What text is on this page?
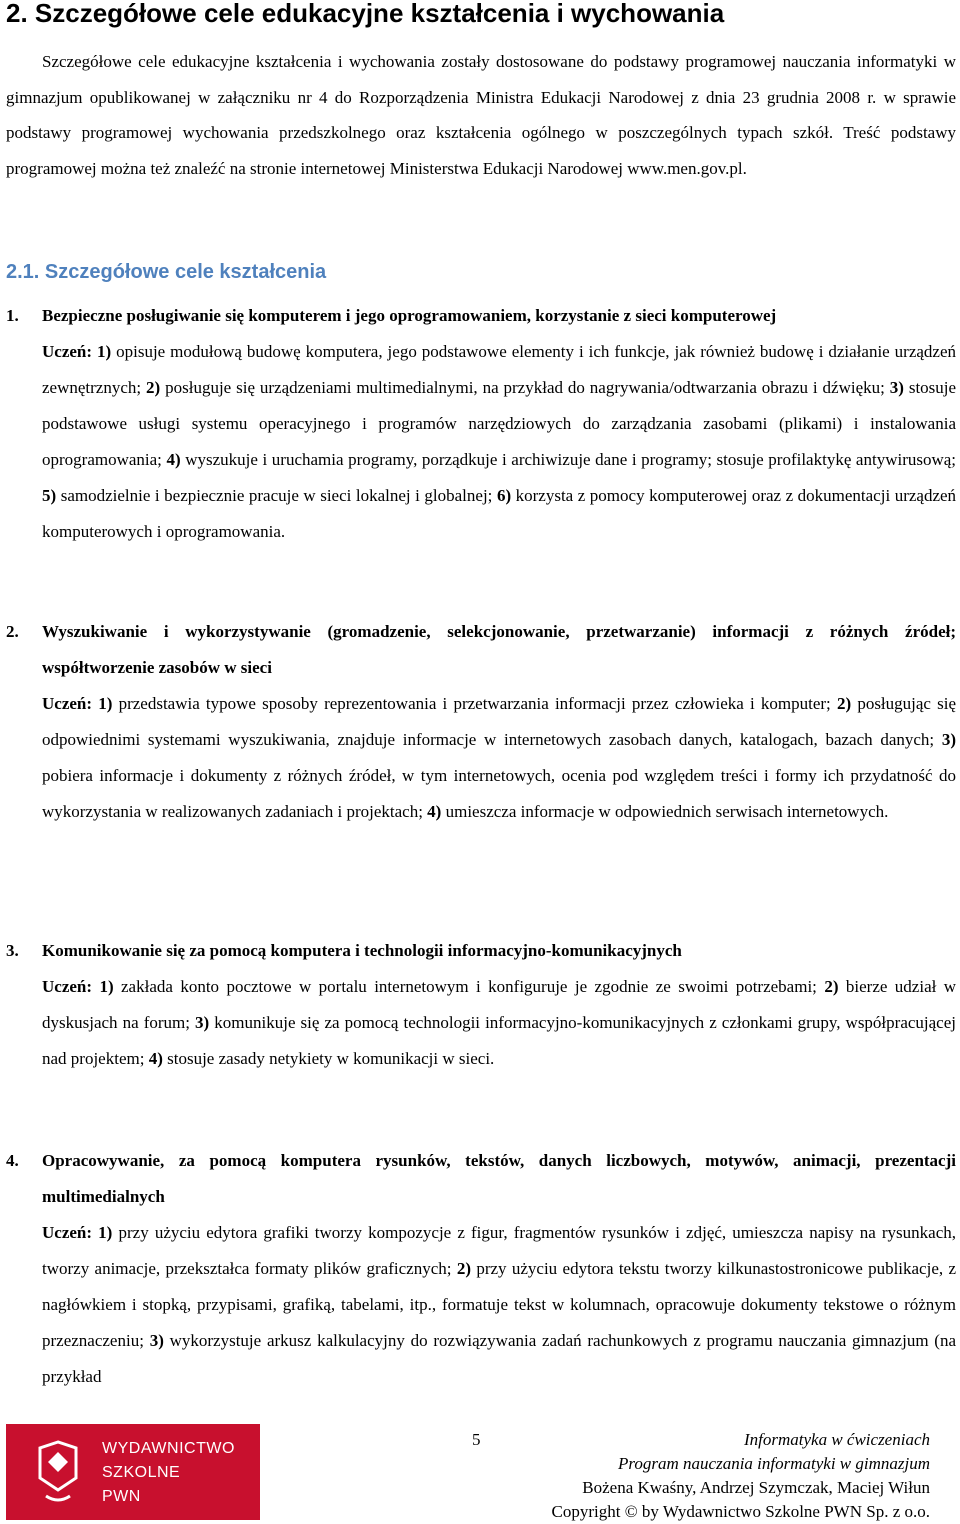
2. Szczegółowe cele edukacyjne kształcenia i wychowania

Szczegółowe cele edukacyjne kształcenia i wychowania zostały dostosowane do podstawy programowej nauczania informatyki w gimnazjum opublikowanej w załączniku nr 4 do Rozporządzenia Ministra Edukacji Narodowej z dnia 23 grudnia 2008 r. w sprawie podstawy programowej wychowania przedszkolnego oraz kształcenia ogólnego w poszczególnych typach szkół. Treść podstawy programowej można też znaleźć na stronie internetowej Ministerstwa Edukacji Narodowej www.men.gov.pl.

2.1. Szczegółowe cele kształcenia
1. Bezpieczne posługiwanie się komputerem i jego oprogramowaniem, korzystanie z sieci komputerowej

Uczeń: 1) opisuje modułową budowę komputera, jego podstawowe elementy i ich funkcje, jak również budowę i działanie urządzeń zewnętrznych; 2) posługuje się urządzeniami multimedialnymi, na przykład do nagrywania/odtwarzania obrazu i dźwięku; 3) stosuje podstawowe usługi systemu operacyjnego i programów narzędziowych do zarządzania zasobami (plikami) i instalowania oprogramowania; 4) wyszukuje i uruchamia programy, porządkuje i archiwizuje dane i programy; stosuje profilaktykę antywirusową; 5) samodzielnie i bezpiecznie pracuje w sieci lokalnej i globalnej; 6) korzysta z pomocy komputerowej oraz z dokumentacji urządzeń komputerowych i oprogramowania.

2. Wyszukiwanie i wykorzystywanie (gromadzenie, selekcjonowanie, przetwarzanie) informacji z różnych źródeł; współtworzenie zasobów w sieci

Uczeń: 1) przedstawia typowe sposoby reprezentowania i przetwarzania informacji przez człowieka i komputer; 2) posługując się odpowiednimi systemami wyszukiwania, znajduje informacje w internetowych zasobach danych, katalogach, bazach danych; 3) pobiera informacje i dokumenty z różnych źródeł, w tym internetowych, ocenia pod względem treści i formy ich przydatność do wykorzystania w realizowanych zadaniach i projektach; 4) umieszcza informacje w odpowiednich serwisach internetowych.

3. Komunikowanie się za pomocą komputera i technologii informacyjno-komunikacyjnych

Uczeń: 1) zakłada konto pocztowe w portalu internetowym i konfiguruje je zgodnie ze swoimi potrzebami; 2) bierze udział w dyskusjach na forum; 3) komunikuje się za pomocą technologii informacyjno-komunikacyjnych z członkami grupy, współpracującej nad projektem; 4) stosuje zasady netykiety w komunikacji w sieci.

4. Opracowywanie, za pomocą komputera rysunków, tekstów, danych liczbowych, motywów, animacji, prezentacji multimedialnych

Uczeń: 1) przy użyciu edytora grafiki tworzy kompozycje z figur, fragmentów rysunków i zdjęć, umieszcza napisy na rysunkach, tworzy animacje, przekształca formaty plików graficznych; 2) przy użyciu edytora tekstu tworzy kilkunastostronicowe publikacje, z nagłówkiem i stopką, przypisami, grafiką, tabelami, itp., formatuje tekst w kolumnach, opracowuje dokumenty tekstowe o różnym przeznaczeniu; 3) wykorzystuje arkusz kalkulacyjny do rozwiązywania zadań rachunkowych z programu nauczania gimnazjum (na przykład

WYDAWNICTWO
SZKOLNE
PWN
5	Informatyka w ćwiczeniach
Program nauczania informatyki w gimnazjum
Bożena Kwaśny, Andrzej Szymczak, Maciej Wiłun
Copyright © by Wydawnictwo Szkolne PWN Sp. z o.o.
